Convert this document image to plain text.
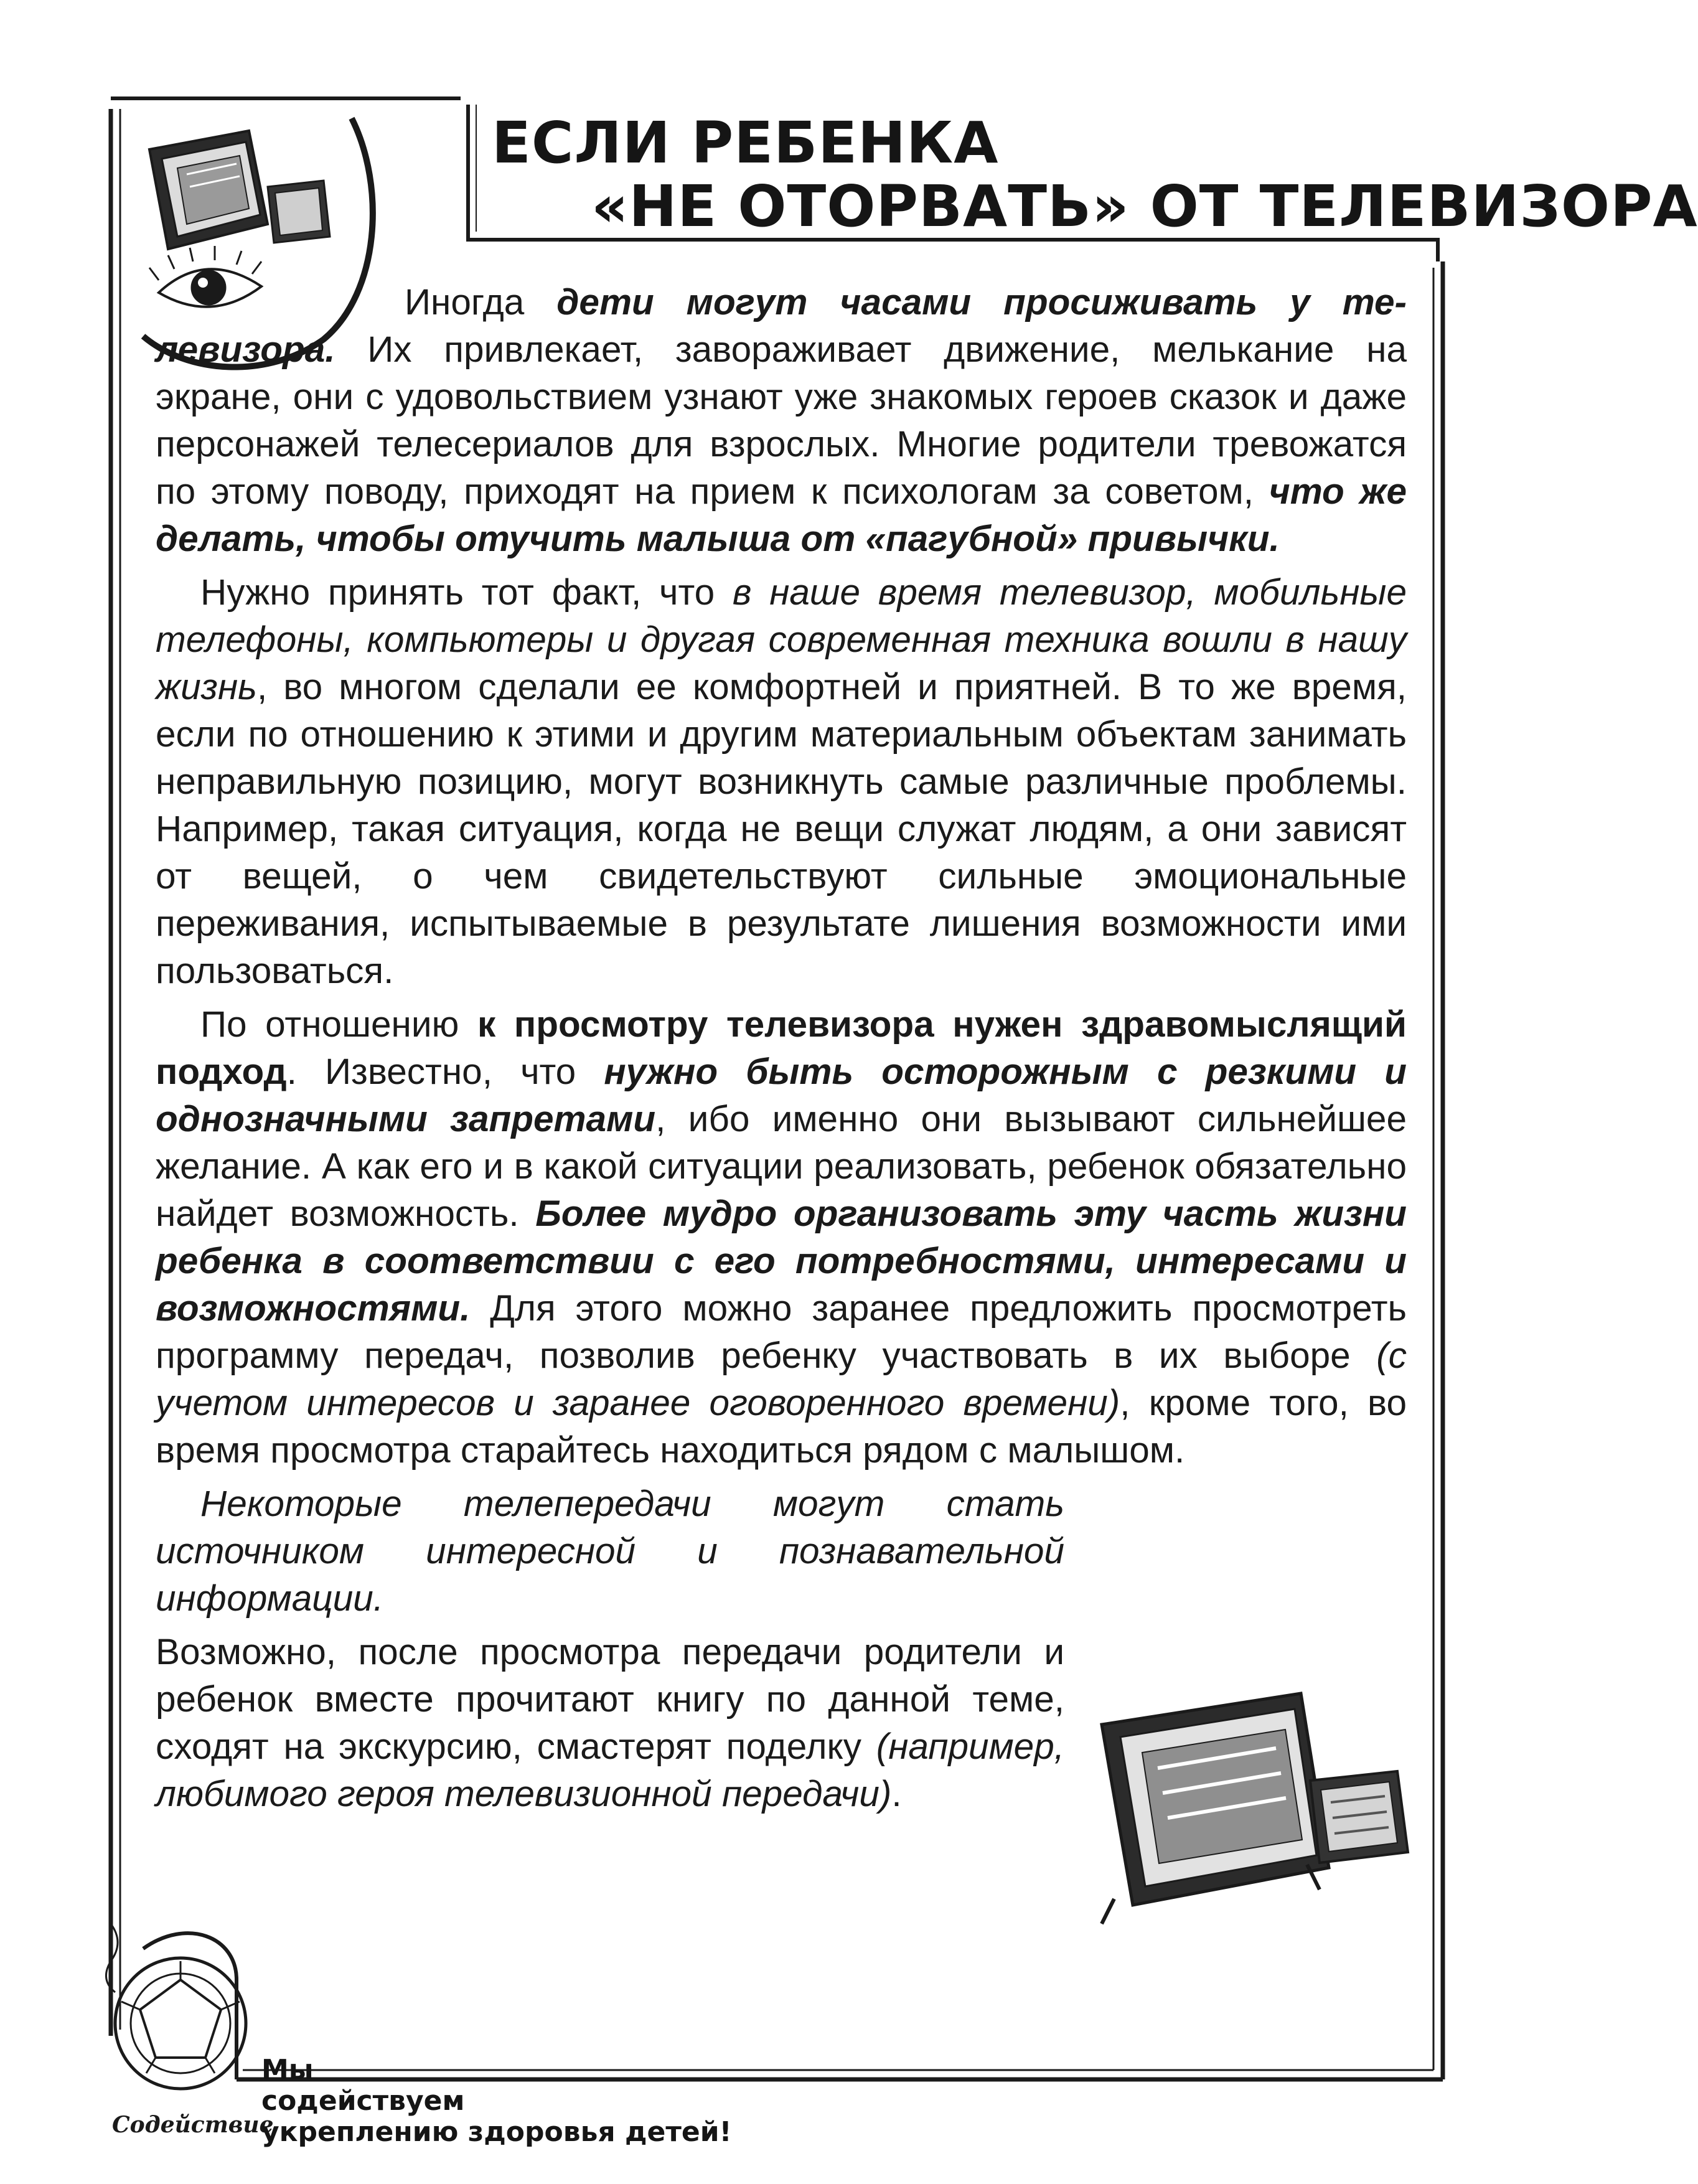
ЕСЛИ РЕБЕНКА
«НЕ ОТОРВАТЬ» ОТ ТЕЛЕВИЗОРА

Иногда дети могут часами просиживать у телевизора. Их привлекает, завораживает движение, мелькание на экране, они с удовольствием узнают уже знакомых героев сказок и даже персонажей телесериалов для взрослых. Многие родители тревожатся по этому поводу, приходят на прием к психологам за советом, что же делать, чтобы отучить малыша от «пагубной» привычки.

Нужно принять тот факт, что в наше время телевизор, мобильные телефоны, компьютеры и другая современная техника вошли в нашу жизнь, во многом сделали ее комфортней и приятней. В то же время, если по отношению к этими и другим материальным объектам занимать неправильную позицию, могут возникнуть самые различные проблемы. Например, такая ситуация, когда не вещи служат людям, а они зависят от вещей, о чем свидетельствуют сильные эмоциональные переживания, испытываемые в результате лишения возможности ими пользоваться.

По отношению к просмотру телевизора нужен здравомыслящий подход. Известно, что нужно быть осторожным с резкими и однозначными запретами, ибо именно они вызывают сильнейшее желание. А как его и в какой ситуации реализовать, ребенок обязательно найдет возможность. Более мудро организовать эту часть жизни ребенка в соответствии с его потребностями, интересами и возможностями. Для этого можно заранее предложить просмотреть программу передач, позволив ребенку участвовать в их выборе (с учетом интересов и заранее оговоренного времени), кроме того, во время просмотра старайтесь находиться рядом с малышом.

Некоторые телепередачи могут стать источником интересной и познавательной информации.

Возможно, после просмотра передачи родители и ребенок вместе прочитают книгу по данной теме, сходят на экскурсию, смастерят поделку (например, любимого героя телевизионной передачи).

Содействие
Мы
содействуем
укреплению здоровья детей!
